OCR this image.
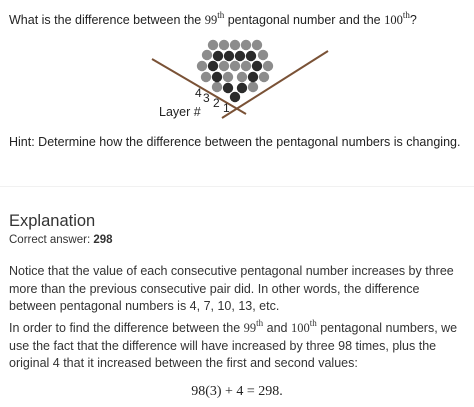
What is the difference between the 99th pentagonal number and the 100th?
4 3 2 1
Layer #
Hint: Determine how the difference between the pentagonal numbers is changing.
Explanation
Correct answer: 298
Notice that the value of each consecutive pentagonal number increases by three more than the previous consecutive pair did. In other words, the difference between pentagonal numbers is 4, 7, 10, 13, etc.
In order to find the difference between the 99th and 100th pentagonal numbers, we use the fact that the difference will have increased by three 98 times, plus the original 4 that it increased between the first and second values:
98(3) + 4 = 298.
